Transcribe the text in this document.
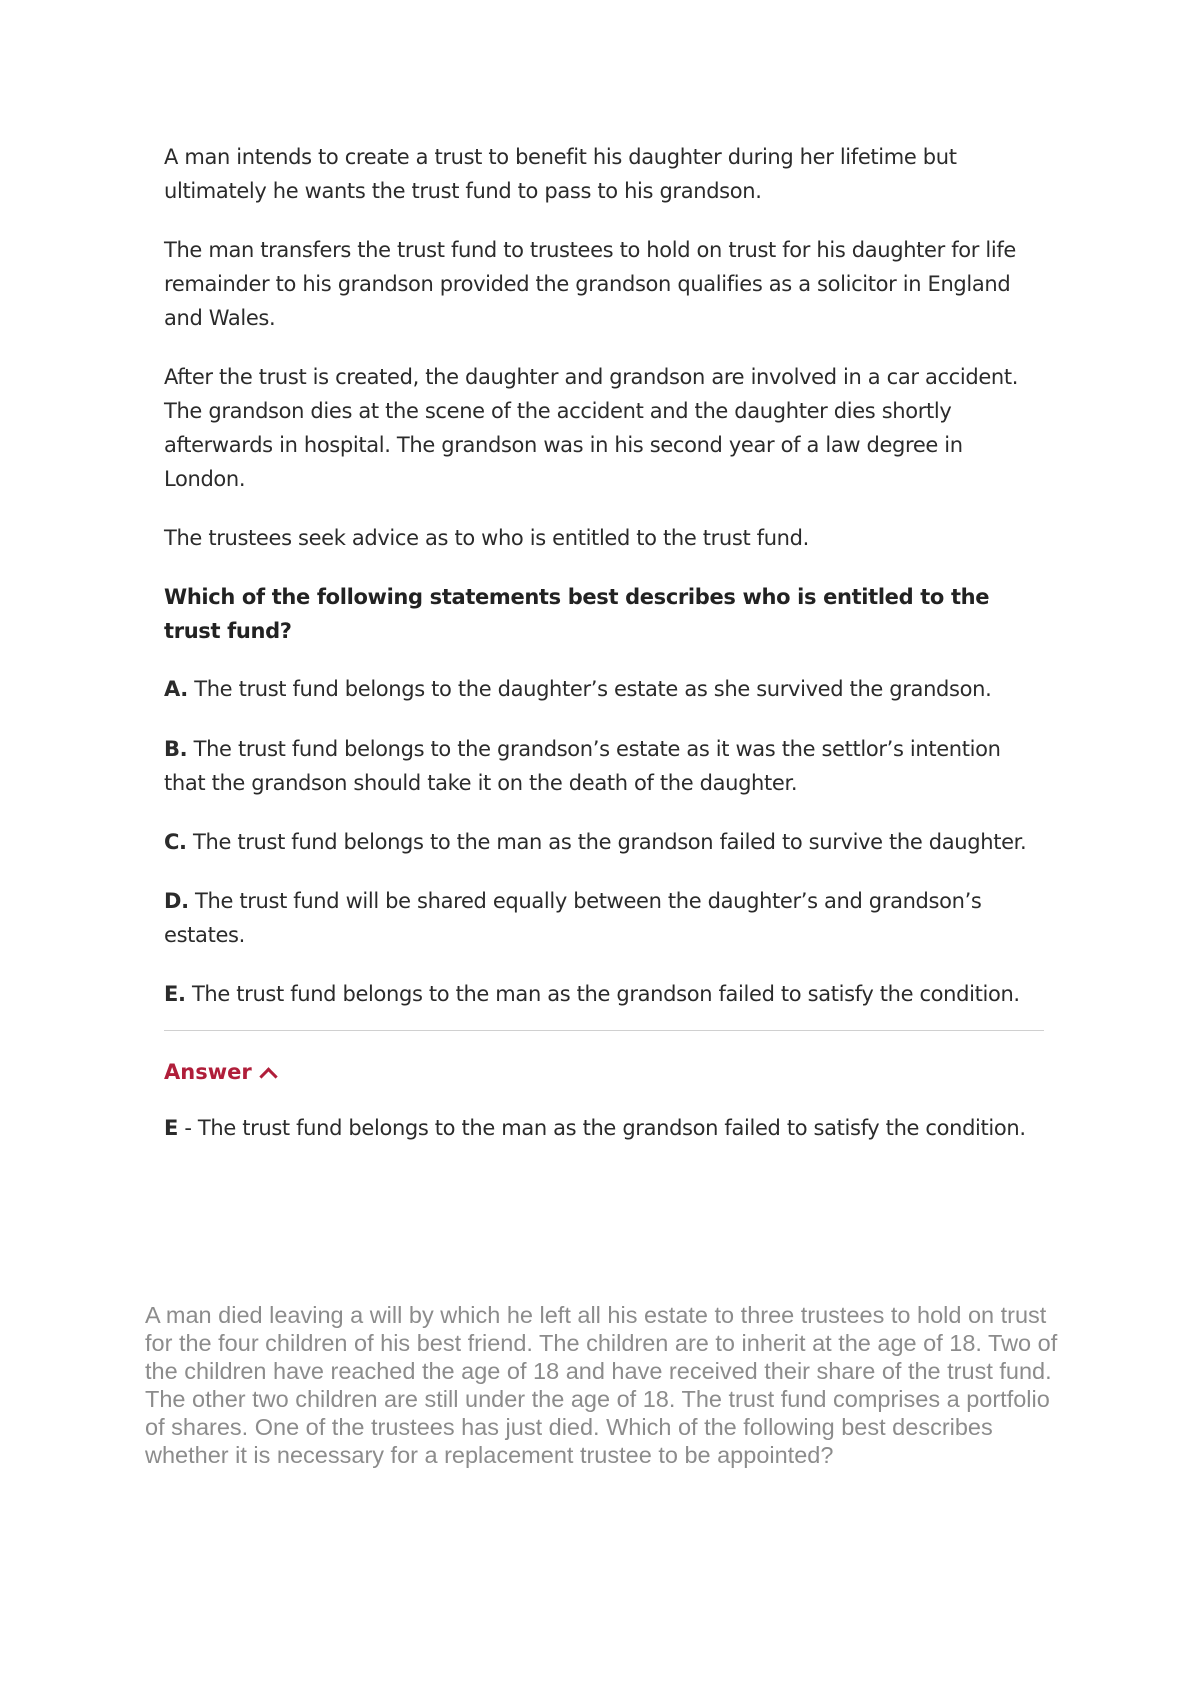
A man intends to create a trust to benefit his daughter during her lifetime but ultimately he wants the trust fund to pass to his grandson.

The man transfers the trust fund to trustees to hold on trust for his daughter for life remainder to his grandson provided the grandson qualifies as a solicitor in England and Wales.

After the trust is created, the daughter and grandson are involved in a car accident. The grandson dies at the scene of the accident and the daughter dies shortly afterwards in hospital. The grandson was in his second year of a law degree in London.

The trustees seek advice as to who is entitled to the trust fund.

Which of the following statements best describes who is entitled to the trust fund?

A. The trust fund belongs to the daughter’s estate as she survived the grandson.

B. The trust fund belongs to the grandson’s estate as it was the settlor’s intention that the grandson should take it on the death of the daughter.

C. The trust fund belongs to the man as the grandson failed to survive the daughter.

D. The trust fund will be shared equally between the daughter’s and grandson’s estates.

E. The trust fund belongs to the man as the grandson failed to satisfy the condition.

Answer

E - The trust fund belongs to the man as the grandson failed to satisfy the condition.

A man died leaving a will by which he left all his estate to three trustees to hold on trust for the four children of his best friend. The children are to inherit at the age of 18. Two of the children have reached the age of 18 and have received their share of the trust fund. The other two children are still under the age of 18. The trust fund comprises a portfolio of shares. One of the trustees has just died. Which of the following best describes whether it is necessary for a replacement trustee to be appointed?
